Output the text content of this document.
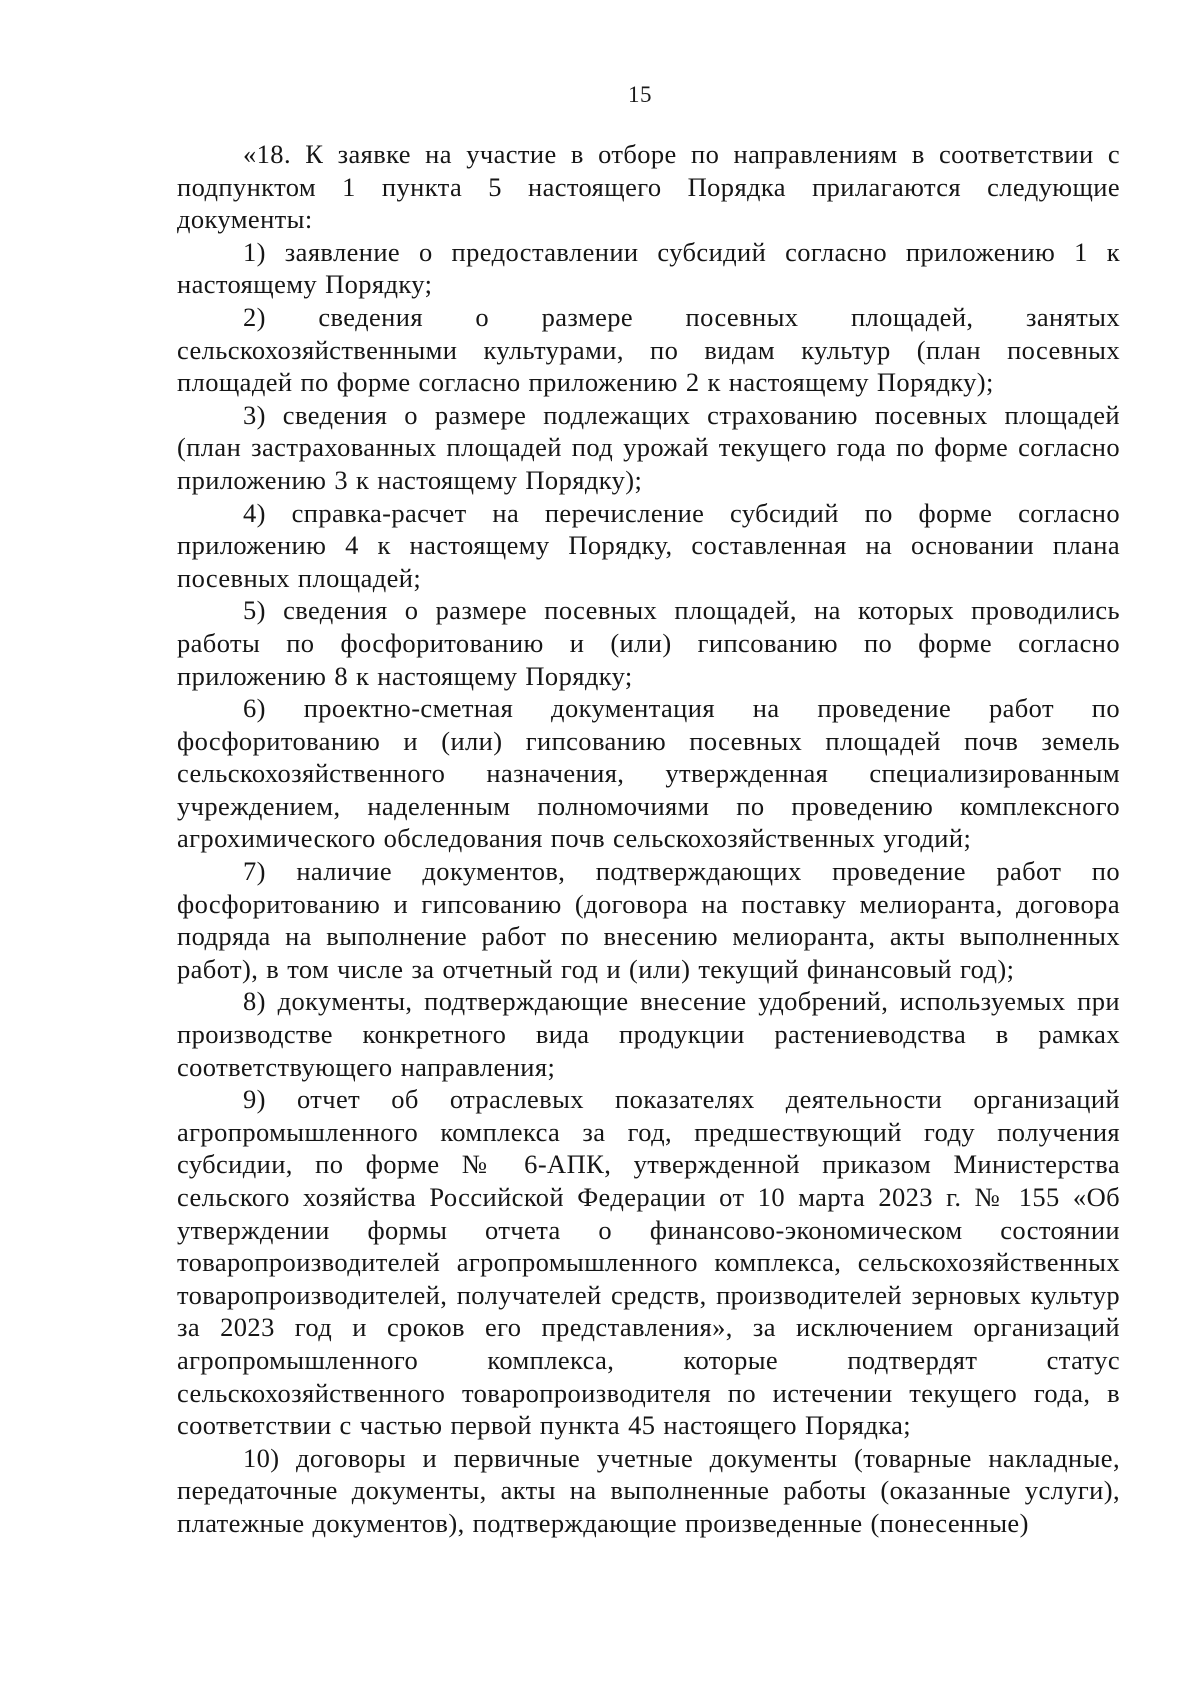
15

«18. К заявке на участие в отборе по направлениям в соответствии с подпунктом 1 пункта 5 настоящего Порядка прилагаются следующие документы:

1) заявление о предоставлении субсидий согласно приложению 1 к настоящему Порядку;

2) сведения о размере посевных площадей, занятых сельскохозяйственными культурами, по видам культур (план посевных площадей по форме согласно приложению 2 к настоящему Порядку);

3) сведения о размере подлежащих страхованию посевных площадей (план застрахованных площадей под урожай текущего года по форме согласно приложению 3 к настоящему Порядку);

4) справка-расчет на перечисление субсидий по форме согласно приложению 4 к настоящему Порядку, составленная на основании плана посевных площадей;

5) сведения о размере посевных площадей, на которых проводились работы по фосфоритованию и (или) гипсованию по форме согласно приложению 8 к настоящему Порядку;

6) проектно-сметная документация на проведение работ по фосфоритованию и (или) гипсованию посевных площадей почв земель сельскохозяйственного назначения, утвержденная специализированным учреждением, наделенным полномочиями по проведению комплексного агрохимического обследования почв сельскохозяйственных угодий;

7) наличие документов, подтверждающих проведение работ по фосфоритованию и гипсованию (договора на поставку мелиоранта, договора подряда на выполнение работ по внесению мелиоранта, акты выполненных работ), в том числе за отчетный год и (или) текущий финансовый год);

8) документы, подтверждающие внесение удобрений, используемых при производстве конкретного вида продукции растениеводства в рамках соответствующего направления;

9) отчет об отраслевых показателях деятельности организаций агропромышленного комплекса за год, предшествующий году получения субсидии, по форме № 6-АПК, утвержденной приказом Министерства сельского хозяйства Российской Федерации от 10 марта 2023 г. № 155 «Об утверждении формы отчета о финансово-экономическом состоянии товаропроизводителей агропромышленного комплекса, сельскохозяйственных товаропроизводителей, получателей средств, производителей зерновых культур за 2023 год и сроков его представления», за исключением организаций агропромышленного комплекса, которые подтвердят статус сельскохозяйственного товаропроизводителя по истечении текущего года, в соответствии с частью первой пункта 45 настоящего Порядка;

10) договоры и первичные учетные документы (товарные накладные, передаточные документы, акты на выполненные работы (оказанные услуги), платежные документов), подтверждающие произведенные (понесенные)
